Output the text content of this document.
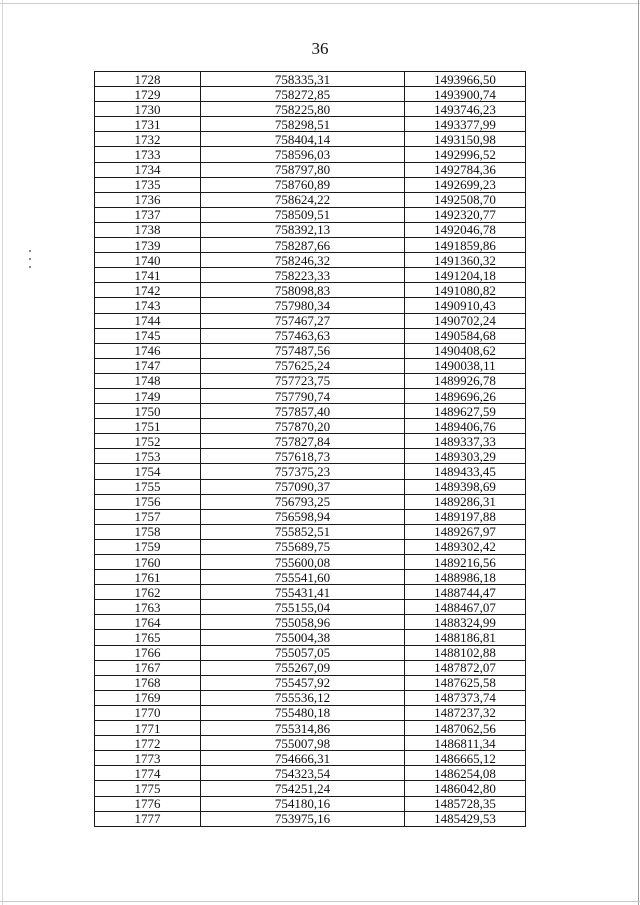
36
1728	758335,31	1493966,50
1729	758272,85	1493900,74
1730	758225,80	1493746,23
1731	758298,51	1493377,99
1732	758404,14	1493150,98
1733	758596,03	1492996,52
1734	758797,80	1492784,36
1735	758760,89	1492699,23
1736	758624,22	1492508,70
1737	758509,51	1492320,77
1738	758392,13	1492046,78
1739	758287,66	1491859,86
1740	758246,32	1491360,32
1741	758223,33	1491204,18
1742	758098,83	1491080,82
1743	757980,34	1490910,43
1744	757467,27	1490702,24
1745	757463,63	1490584,68
1746	757487,56	1490408,62
1747	757625,24	1490038,11
1748	757723,75	1489926,78
1749	757790,74	1489696,26
1750	757857,40	1489627,59
1751	757870,20	1489406,76
1752	757827,84	1489337,33
1753	757618,73	1489303,29
1754	757375,23	1489433,45
1755	757090,37	1489398,69
1756	756793,25	1489286,31
1757	756598,94	1489197,88
1758	755852,51	1489267,97
1759	755689,75	1489302,42
1760	755600,08	1489216,56
1761	755541,60	1488986,18
1762	755431,41	1488744,47
1763	755155,04	1488467,07
1764	755058,96	1488324,99
1765	755004,38	1488186,81
1766	755057,05	1488102,88
1767	755267,09	1487872,07
1768	755457,92	1487625,58
1769	755536,12	1487373,74
1770	755480,18	1487237,32
1771	755314,86	1487062,56
1772	755007,98	1486811,34
1773	754666,31	1486665,12
1774	754323,54	1486254,08
1775	754251,24	1486042,80
1776	754180,16	1485728,35
1777	753975,16	1485429,53
